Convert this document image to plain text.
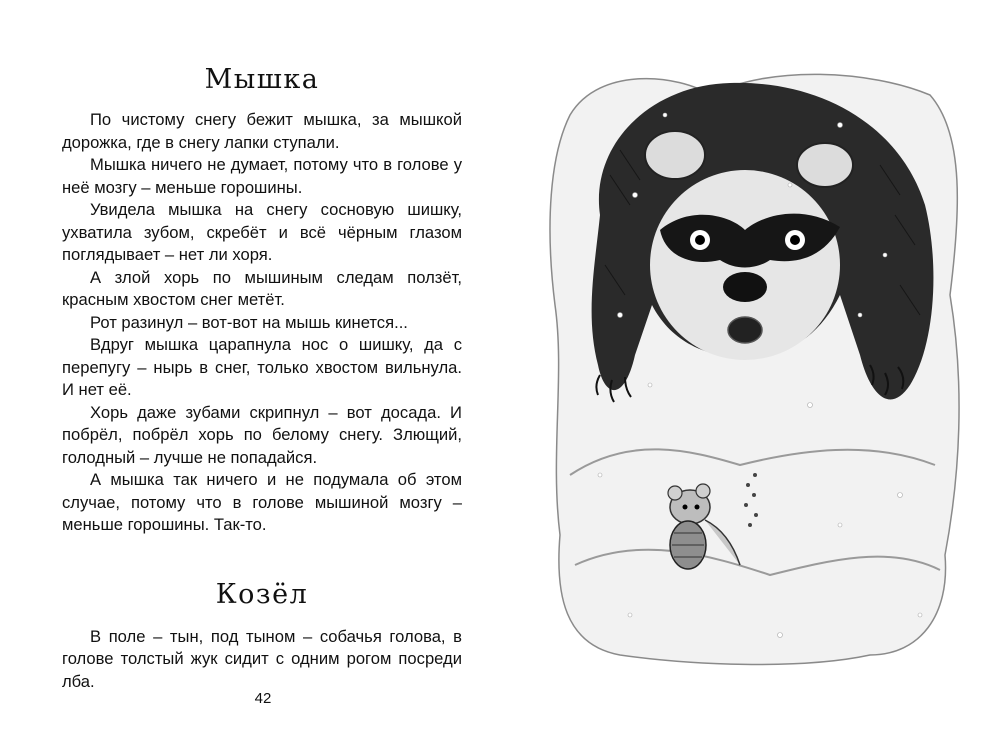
Мышка

По чистому снегу бежит мышка, за мышкой дорожка, где в снегу лапки ступали.

Мышка ничего не думает, потому что в голове у неё мозгу – меньше горошины.

Увидела мышка на снегу сосновую шишку, ухватила зубом, скребёт и всё чёрным глазом поглядывает – нет ли хоря.

А злой хорь по мышиным следам ползёт, красным хвостом снег метёт.

Рот разинул – вот-вот на мышь кинется...

Вдруг мышка царапнула нос о шишку, да с перепугу – нырь в снег, только хвостом вильнула. И нет её.

Хорь даже зубами скрипнул – вот досада. И побрёл, побрёл хорь по белому снегу. Злющий, голодный – лучше не попадайся.

А мышка так ничего и не подумала об этом случае, потому что в голове мышиной мозгу – меньше горошины. Так-то.

Козёл

В поле – тын, под тыном – собачья голова, в голове толстый жук сидит с одним рогом посреди лба.

42
